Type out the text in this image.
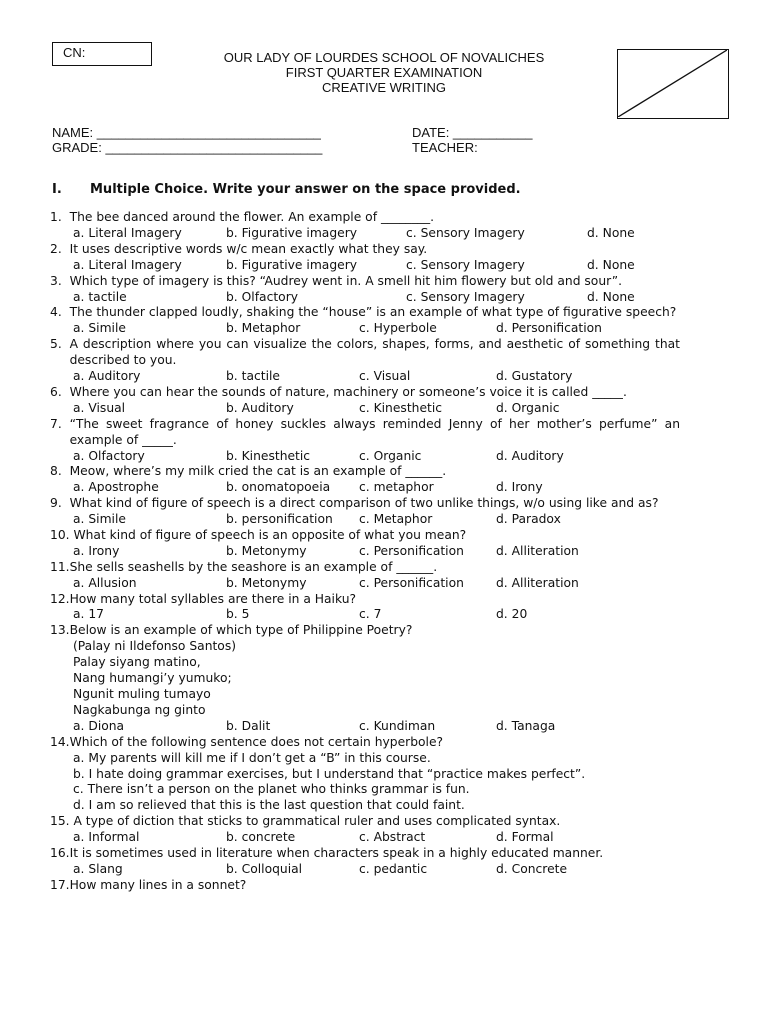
CN:	OUR LADY OF LOURDES SCHOOL OF NOVALICHES
FIRST QUARTER EXAMINATION
CREATIVE WRITING
NAME: _______________________________	DATE: ___________
GRADE: ______________________________	TEACHER:
I. Multiple Choice. Write your answer on the space provided.
1. The bee danced around the flower. An example of ________.
a. Literal Imagery	b. Figurative imagery	c. Sensory Imagery	d. None
2. It uses descriptive words w/c mean exactly what they say.
a. Literal Imagery	b. Figurative imagery	c. Sensory Imagery	d. None
3. Which type of imagery is this? “Audrey went in. A smell hit him flowery but old and sour”.
a. tactile	b. Olfactory	c. Sensory Imagery	d. None
4. The thunder clapped loudly, shaking the “house” is an example of what type of figurative speech?
a. Simile	b. Metaphor	c. Hyperbole	d. Personification
5. A description where you can visualize the colors, shapes, forms, and aesthetic of something that described to you.
a. Auditory	b. tactile	c. Visual	d. Gustatory
6. Where you can hear the sounds of nature, machinery or someone’s voice it is called _____.
a. Visual	b. Auditory	c. Kinesthetic	d. Organic
7. “The sweet fragrance of honey suckles always reminded Jenny of her mother’s perfume” an example of _____.
a. Olfactory	b. Kinesthetic	c. Organic	d. Auditory
8. Meow, where’s my milk cried the cat is an example of ______.
a. Apostrophe	b. onomatopoeia c. metaphor	d. Irony
9. What kind of figure of speech is a direct comparison of two unlike things, w/o using like and as?
a. Simile	b. personification c. Metaphor	d. Paradox
10. What kind of figure of speech is an opposite of what you mean?
a. Irony	b. Metonymy	c. Personification	d. Alliteration
11. She sells seashells by the seashore is an example of ______.
a. Allusion	b. Metonymy	c. Personification	d. Alliteration
12. How many total syllables are there in a Haiku?
a. 17	b. 5	c. 7	d. 20
13. Below is an example of which type of Philippine Poetry?
(Palay ni Ildefonso Santos)
Palay siyang matino,
Nang humangi’y yumuko;
Ngunit muling tumayo
Nagkabunga ng ginto
a. Diona	b. Dalit	c. Kundiman	d. Tanaga
14. Which of the following sentence does not certain hyperbole?
a. My parents will kill me if I don’t get a “B” in this course.
b. I hate doing grammar exercises, but I understand that “practice makes perfect”.
c. There isn’t a person on the planet who thinks grammar is fun.
d. I am so relieved that this is the last question that could faint.
15. A type of diction that sticks to grammatical ruler and uses complicated syntax.
a. Informal	b. concrete	c. Abstract	d. Formal
16. It is sometimes used in literature when characters speak in a highly educated manner.
a. Slang	b. Colloquial	c. pedantic	d. Concrete
17. How many lines in a sonnet?
